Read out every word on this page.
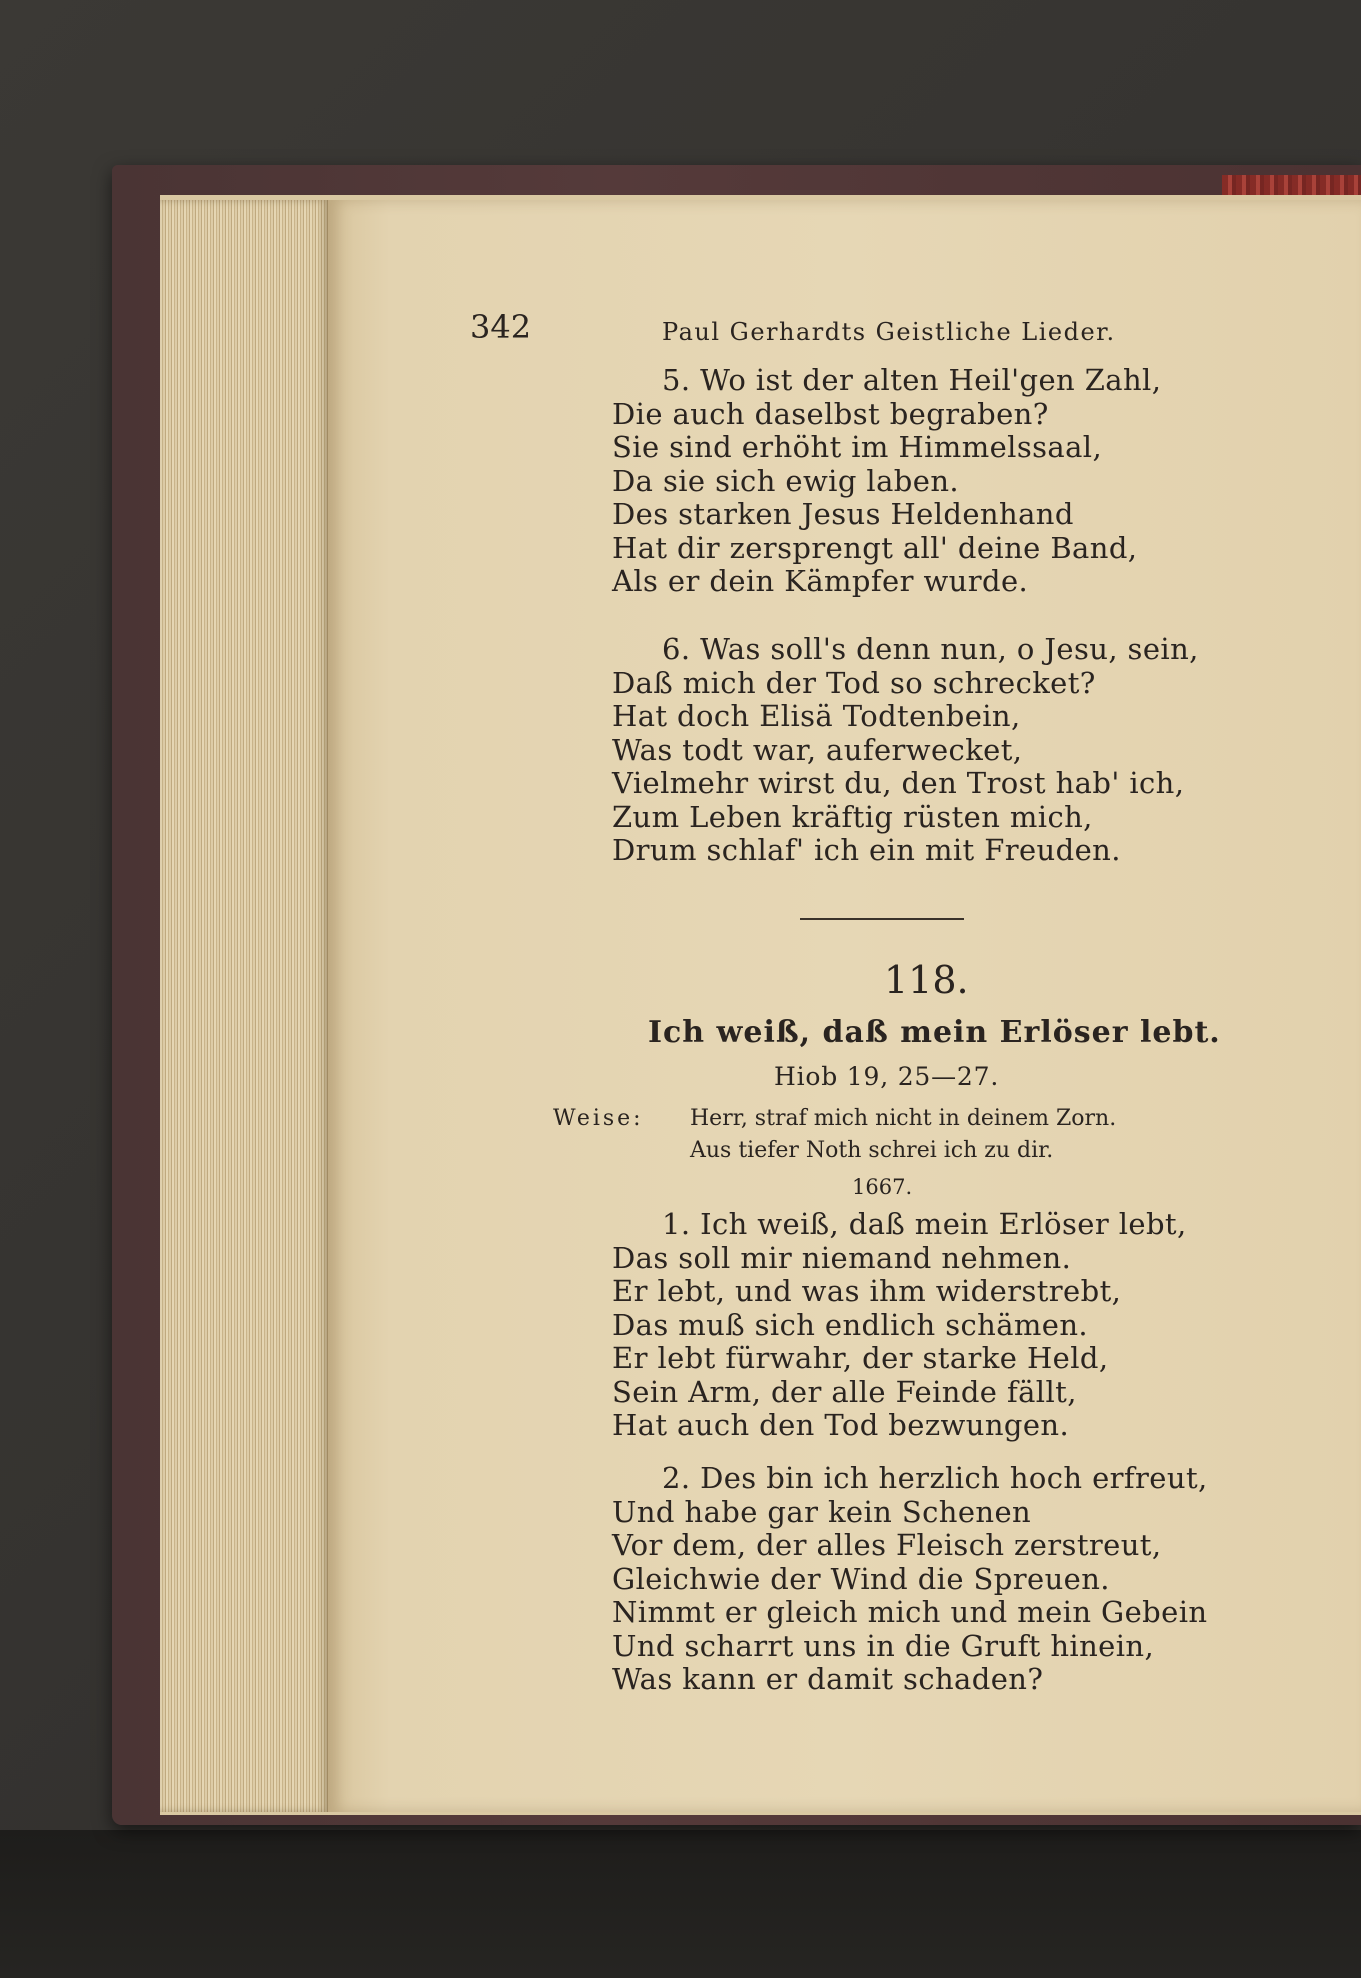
342	Paul Gerhardts Geistliche Lieder.
5. Wo ist der alten Heil'gen Zahl,
Die auch daselbst begraben?
Sie sind erhöht im Himmelssaal,
Da sie sich ewig laben.
Des starken Jesus Heldenhand
Hat dir zersprengt all' deine Band,
Als er dein Kämpfer wurde.
6. Was soll's denn nun, o Jesu, sein,
Daß mich der Tod so schrecket?
Hat doch Elisä Todtenbein,
Was todt war, auferwecket,
Vielmehr wirst du, den Trost hab' ich,
Zum Leben kräftig rüsten mich,
Drum schlaf' ich ein mit Freuden.
118.
Ich weiß, daß mein Erlöser lebt.
Hiob 19, 25—27.
Weise: Herr, straf mich nicht in deinem Zorn.
Aus tiefer Noth schrei ich zu dir.
1667.
1. Ich weiß, daß mein Erlöser lebt,
Das soll mir niemand nehmen.
Er lebt, und was ihm widerstrebt,
Das muß sich endlich schämen.
Er lebt fürwahr, der starke Held,
Sein Arm, der alle Feinde fällt,
Hat auch den Tod bezwungen.
2. Des bin ich herzlich hoch erfreut,
Und habe gar kein Schenen
Vor dem, der alles Fleisch zerstreut,
Gleichwie der Wind die Spreuen.
Nimmt er gleich mich und mein Gebein
Und scharrt uns in die Gruft hinein,
Was kann er damit schaden?
